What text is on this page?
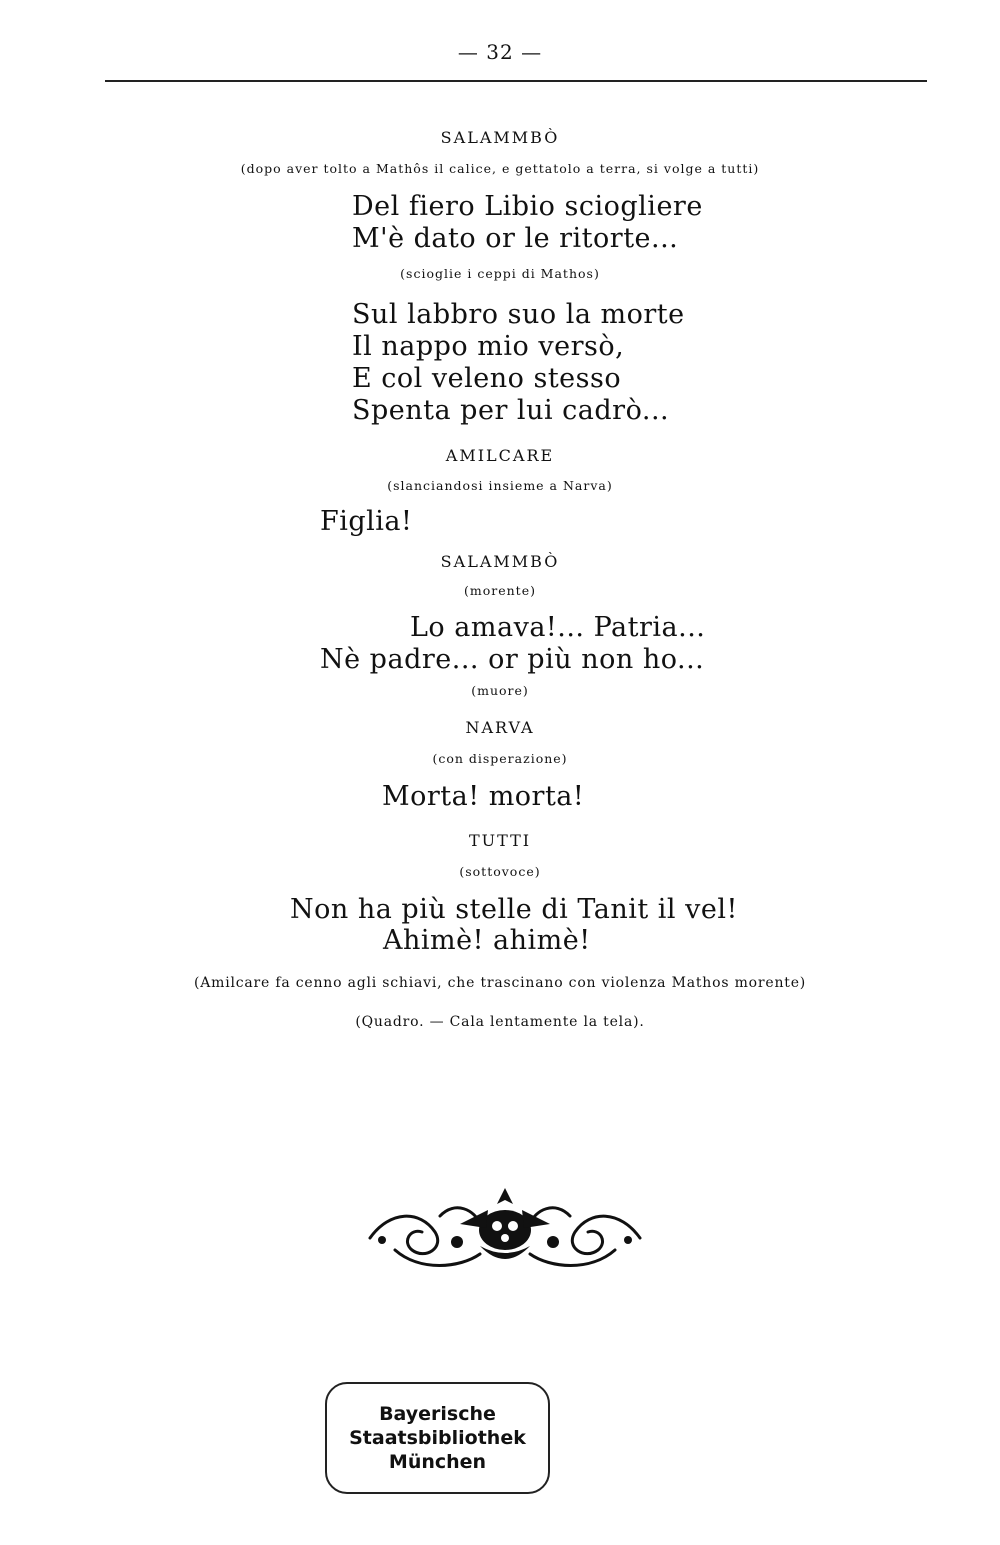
— 32 —
SALAMMBÒ
(dopo aver tolto a Mathôs il calice, e gettatolo a terra, si volge a tutti)
Del fiero Libio sciogliere
M'è dato or le ritorte...
(scioglie i ceppi di Mathos)
Sul labbro suo la morte
Il nappo mio versò,
E col veleno stesso
Spenta per lui cadrò...
AMILCARE
(slanciandosi insieme a Narva)
Figlia!
SALAMMBÒ
(morente)
Lo amava!... Patria...
Nè padre... or più non ho...
(muore)
NARVA
(con disperazione)
Morta! morta!
TUTTI
(sottovoce)
Non ha più stelle di Tanit il vel!
Ahimè! ahimè!
(Amilcare fa cenno agli schiavi, che trascinano con violenza Mathos morente)
(Quadro. — Cala lentamente la tela).
Bayerische
Staatsbibliothek
München
